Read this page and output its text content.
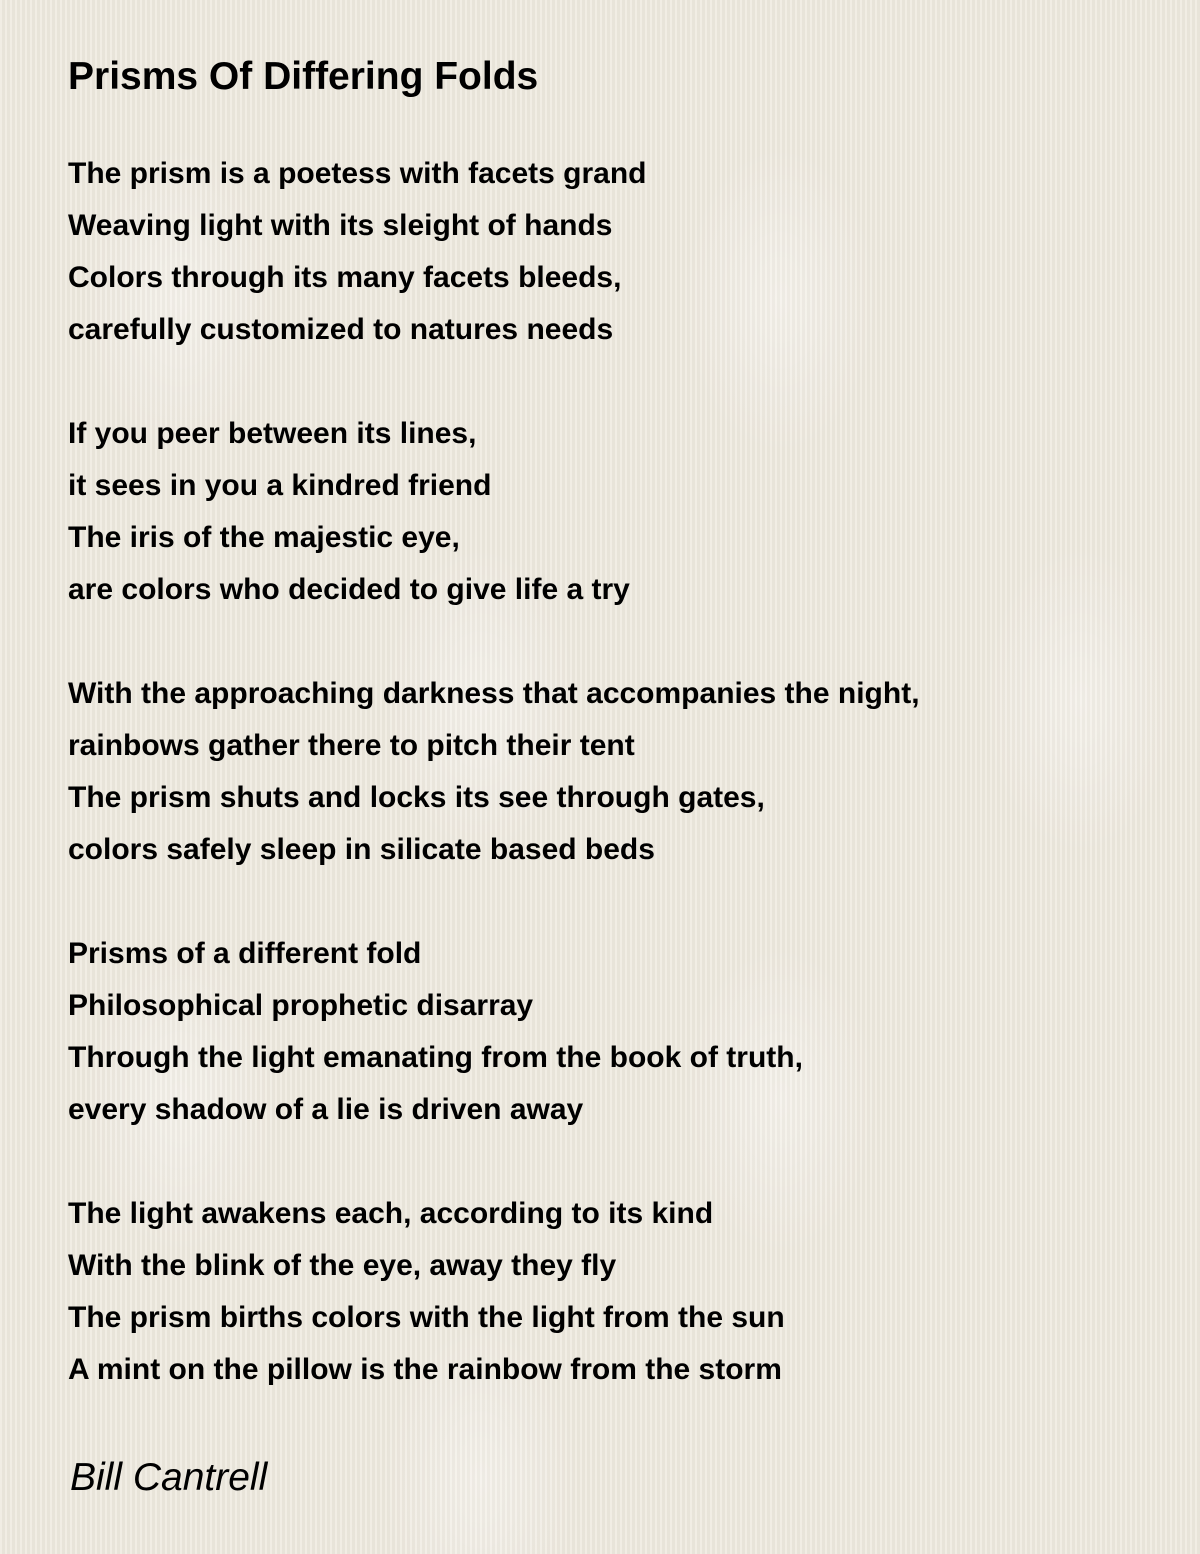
Prisms Of Differing Folds
The prism is a poetess with facets grand
Weaving light with its sleight of hands
Colors through its many facets bleeds,
carefully customized to natures needs
If you peer between its lines,
it sees in you a kindred friend
The iris of the majestic eye,
are colors who decided to give life a try
With the approaching darkness that accompanies the night,
rainbows gather there to pitch their tent
The prism shuts and locks its see through gates,
colors safely sleep in silicate based beds
Prisms of a different fold
Philosophical prophetic disarray
Through the light emanating from the book of truth,
every shadow of a lie is driven away
The light awakens each, according to its kind
With the blink of the eye, away they fly
The prism births colors with the light from the sun
A mint on the pillow is the rainbow from the storm
Bill Cantrell
